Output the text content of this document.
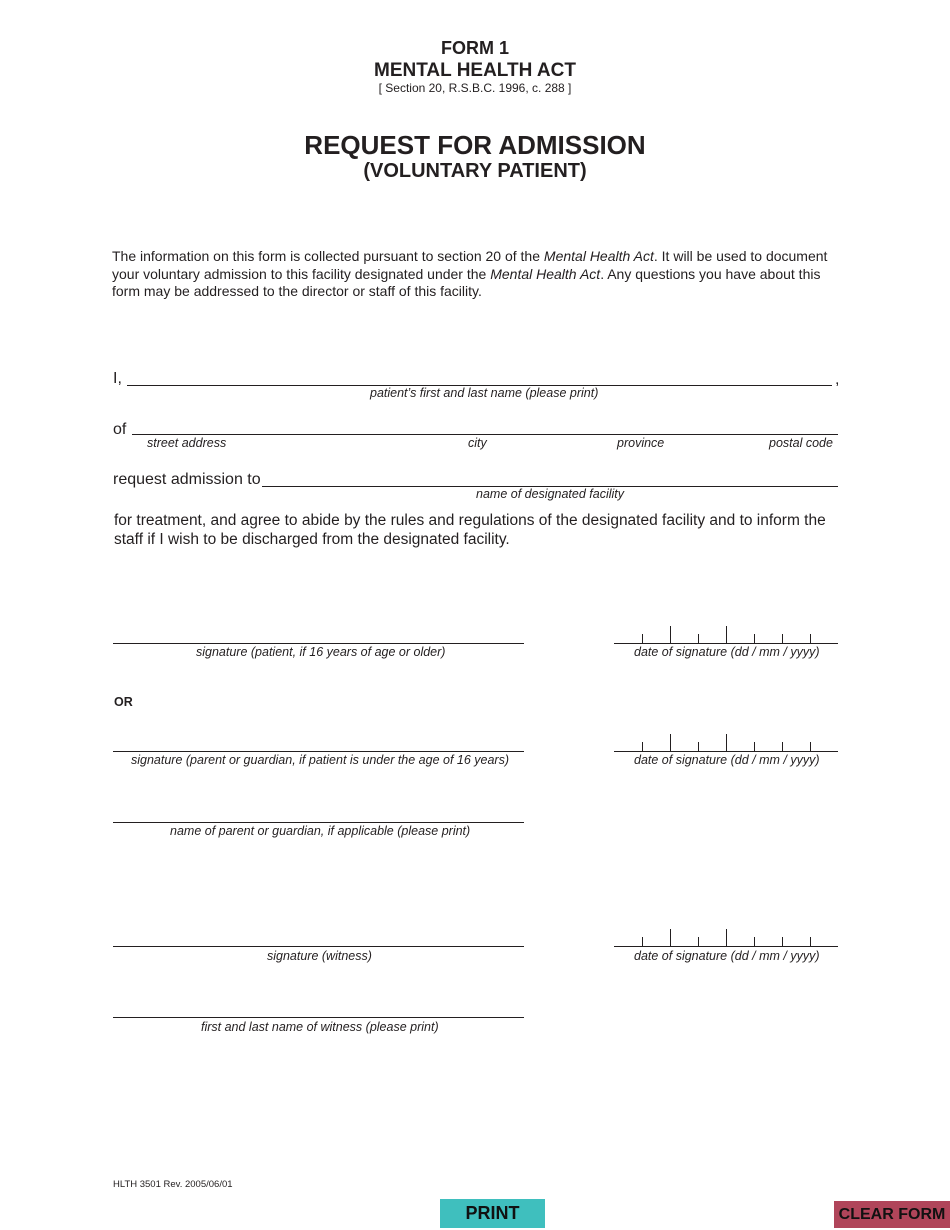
FORM 1
MENTAL HEALTH ACT
[ Section 20, R.S.B.C. 1996, c. 288 ]
REQUEST FOR ADMISSION
(VOLUNTARY PATIENT)
The information on this form is collected pursuant to section 20 of the Mental Health Act. It will be used to document your voluntary admission to this facility designated under the Mental Health Act. Any questions you have about this form may be addressed to the director or staff of this facility.
I,	,
patient’s first and last name (please print)
of
street address	city	province	postal code
request admission to
name of designated facility
for treatment, and agree to abide by the rules and regulations of the designated facility and to inform the staff if I wish to be discharged from the designated facility.
signature (patient, if 16 years of age or older)	date of signature (dd / mm / yyyy)
OR
signature (parent or guardian, if patient is under the age of 16 years)	date of signature (dd / mm / yyyy)
name of parent or guardian, if applicable (please print)
signature (witness)	date of signature (dd / mm / yyyy)
first and last name of witness (please print)
HLTH 3501 Rev. 2005/06/01
PRINT	CLEAR FORM
